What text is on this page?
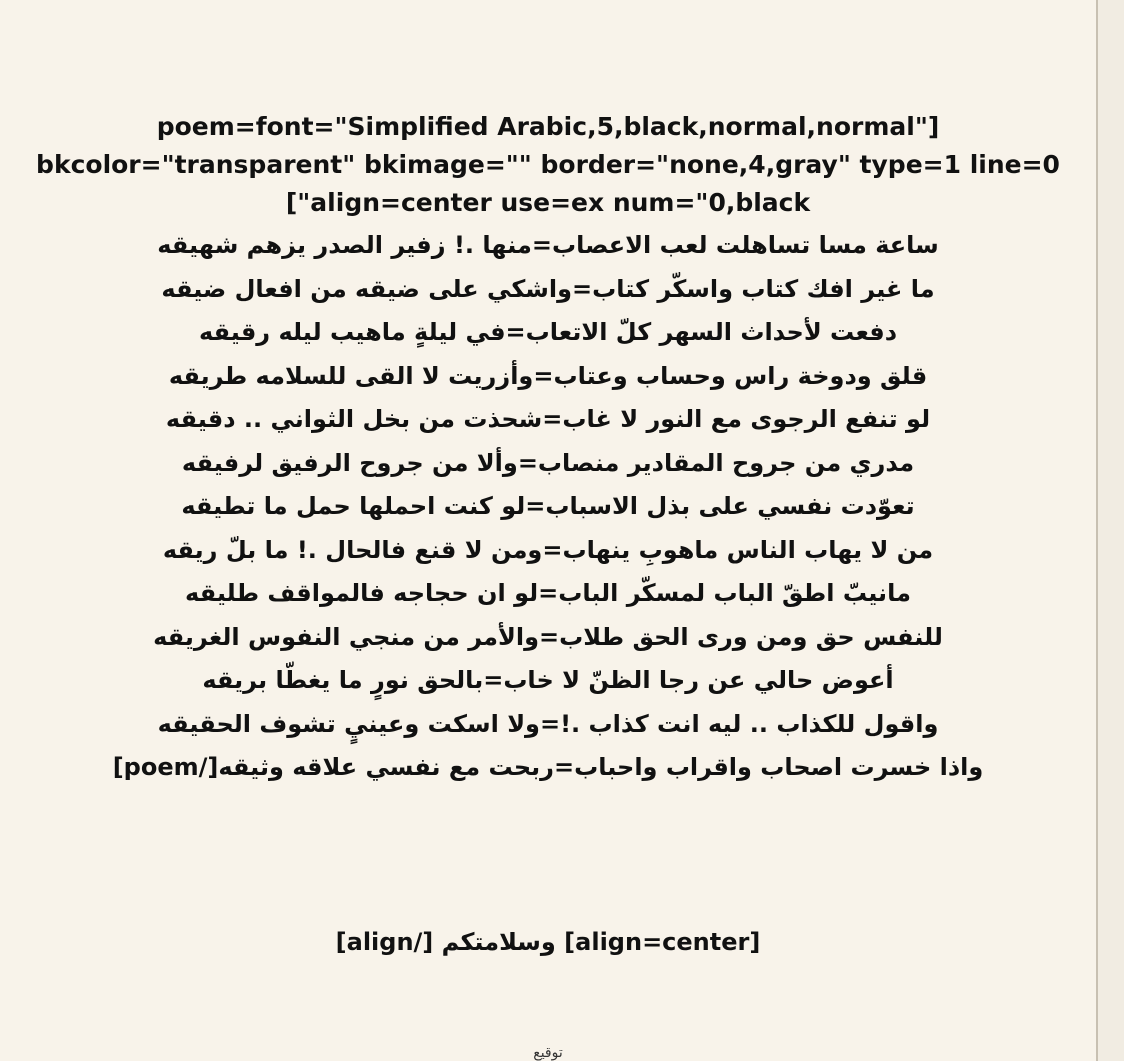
poem=font="Simplified Arabic,5,black,normal,normal"]
bkcolor="transparent" bkimage="" border="none,4,gray" type=1 line=0
["align=center use=ex num="0,black
ساعة مسا تساهلت لعب الاعصاب=منها .! زفير الصدر يزهم شهيقه
ما غير افك كتاب واسكّر كتاب=واشكي على ضيقه من افعال ضيقه
دفعت لأحداث السهر كلّ الاتعاب=في ليلةٍ ماهيب ليله رقيقه
قلق ودوخة راس وحساب وعتاب=وأزريت لا القى للسلامه طريقه
لو تنفع الرجوى مع النور لا غاب=شحذت من بخل الثواني .. دقيقه
مدري من جروح المقادير منصاب=وألا من جروح الرفيق لرفيقه
تعوّدت نفسي على بذل الاسباب=لو كنت احملها حمل ما تطيقه
من لا يهاب الناس ماهوبِ ينهاب=ومن لا قنع فالحال .! ما بلّ ريقه
مانيبّ اطقّ الباب لمسكّر الباب=لو ان حجاجه فالمواقف طليقه
للنفس حق ومن ورى الحق طلاب=والأمر من منجي النفوس الغريقه
أعوض حالي عن رجا الظنّ لا خاب=بالحق نورٍ ما يغطّا بريقه
واقول للكذاب .. ليه انت كذاب .!=ولا اسكت وعينيٍ تشوف الحقيقه
واذا خسرت اصحاب واقراب واحباب=ربحت مع نفسي علاقه وثيقه[/poem]
[align/] وسلامتكم [align=center]
توقيع
